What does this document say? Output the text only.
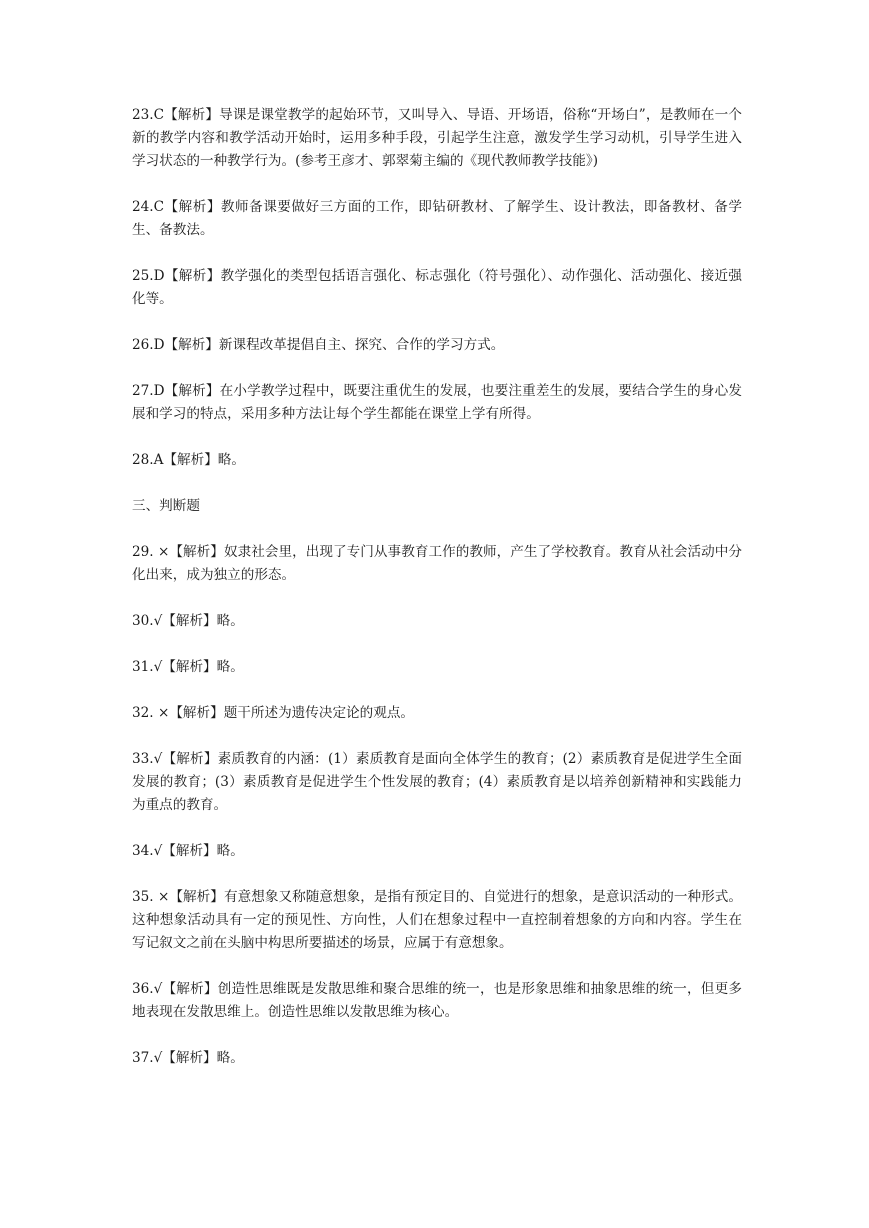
23.C【解析】导课是课堂教学的起始环节，又叫导入、导语、开场语，俗称“开场白”，是教师在一个新的教学内容和教学活动开始时，运用多种手段，引起学生注意，激发学生学习动机，引导学生进入学习状态的一种教学行为。(参考王彦才、郭翠菊主编的《现代教师教学技能》)

24.C【解析】教师备课要做好三方面的工作，即钻研教材、了解学生、设计教法，即备教材、备学生、备教法。

25.D【解析】教学强化的类型包括语言强化、标志强化（符号强化）、动作强化、活动强化、接近强化等。

26.D【解析】新课程改革提倡自主、探究、合作的学习方式。

27.D【解析】在小学教学过程中，既要注重优生的发展，也要注重差生的发展，要结合学生的身心发展和学习的特点，采用多种方法让每个学生都能在课堂上学有所得。

28.A【解析】略。

三、判断题

29. ×【解析】奴隶社会里，出现了专门从事教育工作的教师，产生了学校教育。教育从社会活动中分化出来，成为独立的形态。

30.√【解析】略。

31.√【解析】略。

32. ×【解析】题干所述为遗传决定论的观点。

33.√【解析】素质教育的内涵：(1）素质教育是面向全体学生的教育；(2）素质教育是促进学生全面发展的教育；(3）素质教育是促进学生个性发展的教育；(4）素质教育是以培养创新精神和实践能力为重点的教育。

34.√【解析】略。

35. ×【解析】有意想象又称随意想象，是指有预定目的、自觉进行的想象，是意识活动的一种形式。这种想象活动具有一定的预见性、方向性，人们在想象过程中一直控制着想象的方向和内容。学生在写记叙文之前在头脑中构思所要描述的场景，应属于有意想象。

36.√【解析】创造性思维既是发散思维和聚合思维的统一，也是形象思维和抽象思维的统一，但更多地表现在发散思维上。创造性思维以发散思维为核心。

37.√【解析】略。
